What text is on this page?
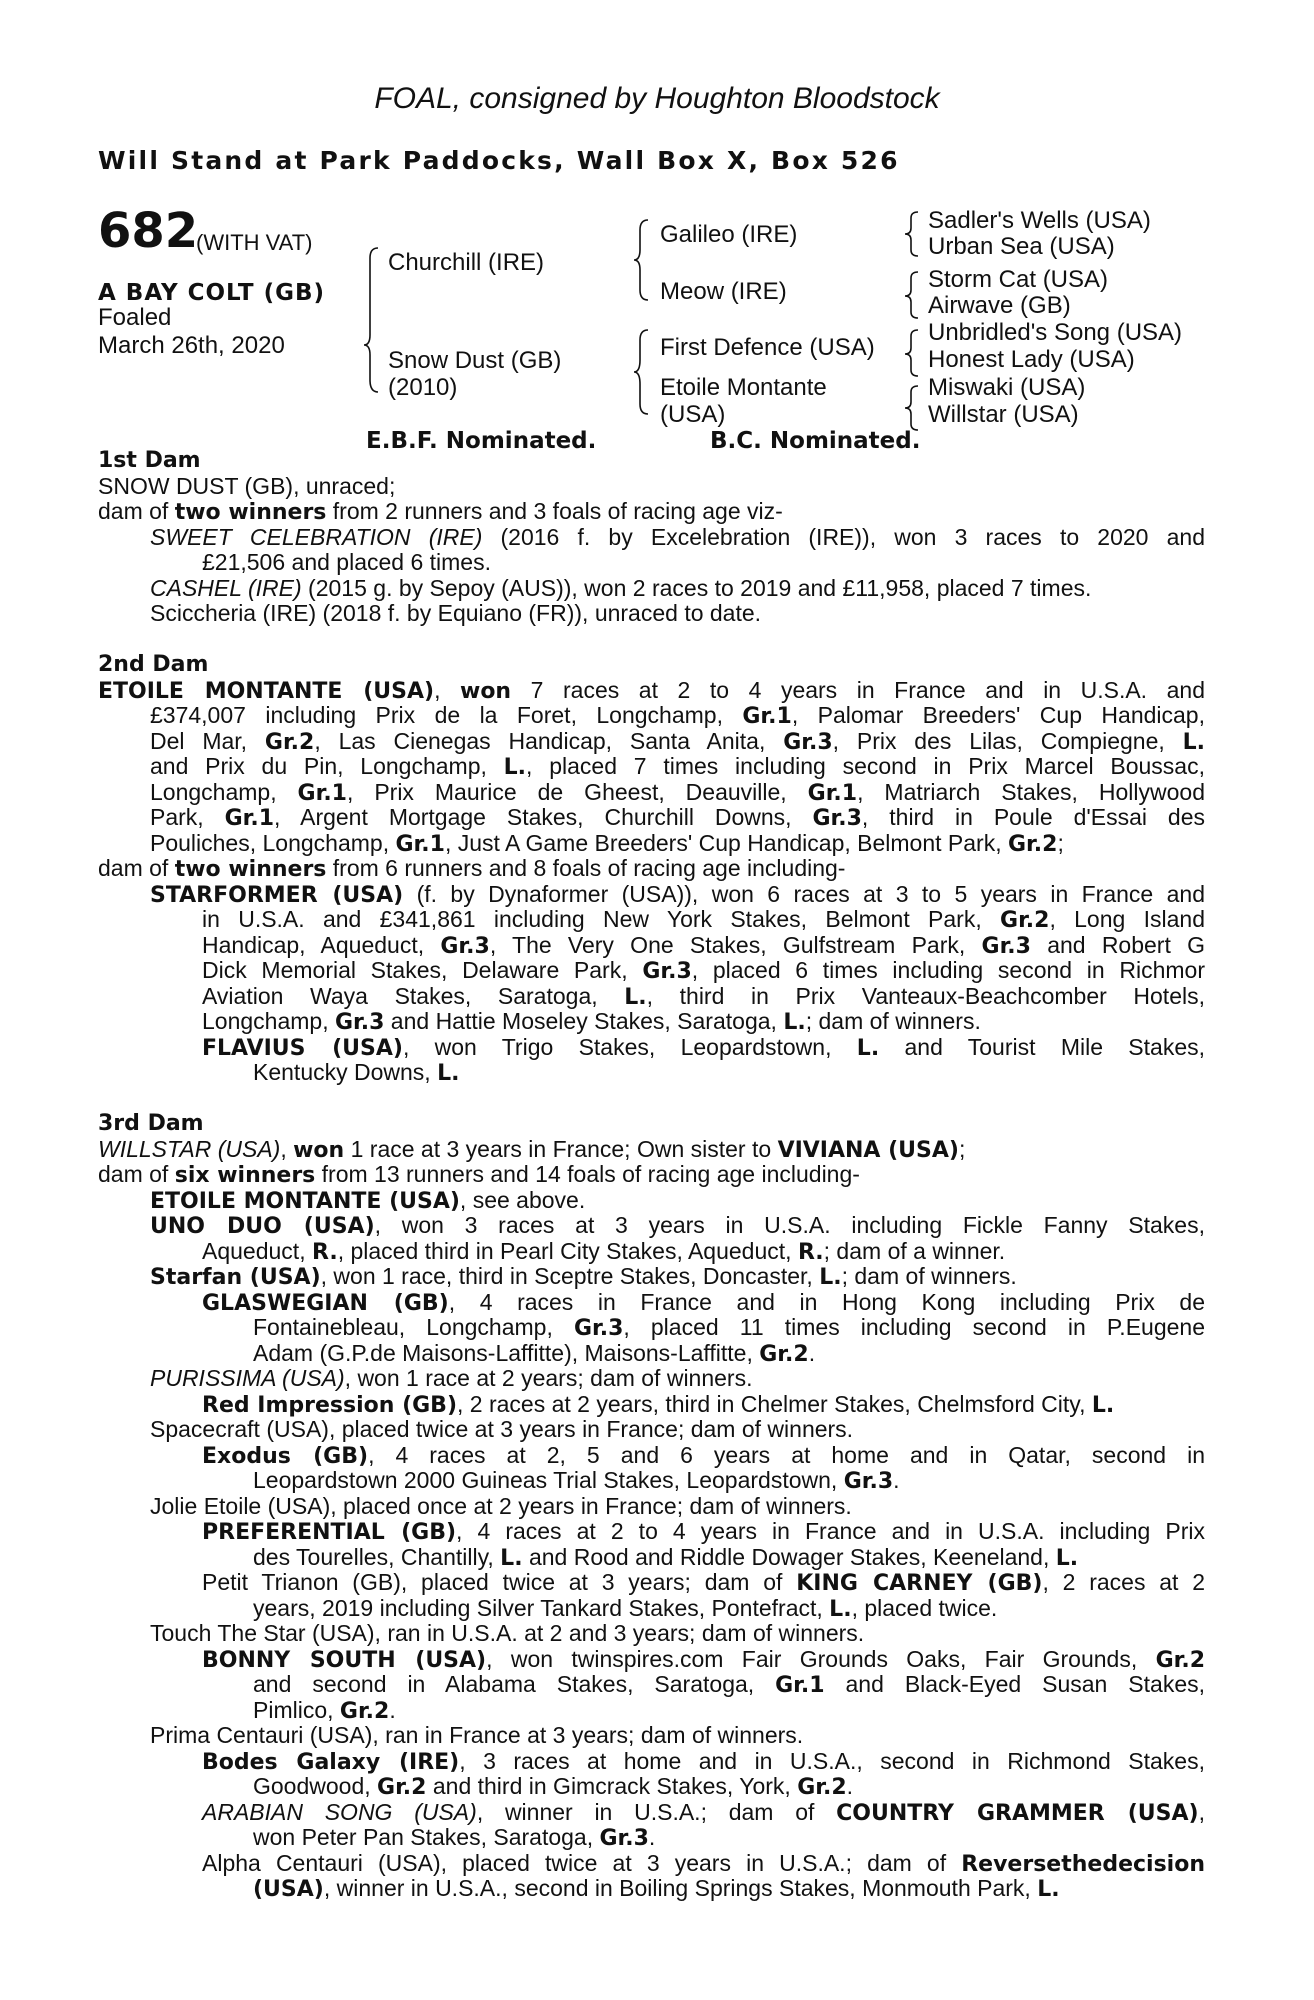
FOAL, consigned by Houghton Bloodstock
Will Stand at Park Paddocks, Wall Box X, Box 526
682
(WITH VAT)
A BAY COLT (GB)
Foaled
March 26th, 2020
Churchill (IRE)
Snow Dust (GB)
(2010)
Galileo (IRE)
Meow (IRE)
First Defence (USA)
Etoile Montante
(USA)
Sadler's Wells (USA)
Urban Sea (USA)
Storm Cat (USA)
Airwave (GB)
Unbridled's Song (USA)
Honest Lady (USA)
Miswaki (USA)
Willstar (USA)
E.B.F. Nominated.	B.C. Nominated.
1st Dam
SNOW DUST (GB), unraced;
dam of two winners from 2 runners and 3 foals of racing age viz-
SWEET CELEBRATION (IRE) (2016 f. by Excelebration (IRE)), won 3 races to 2020 and
£21,506 and placed 6 times.
CASHEL (IRE) (2015 g. by Sepoy (AUS)), won 2 races to 2019 and £11,958, placed 7 times.
Sciccheria (IRE) (2018 f. by Equiano (FR)), unraced to date.
2nd Dam
ETOILE MONTANTE (USA), won 7 races at 2 to 4 years in France and in U.S.A. and
£374,007 including Prix de la Foret, Longchamp, Gr.1, Palomar Breeders' Cup Handicap,
Del Mar, Gr.2, Las Cienegas Handicap, Santa Anita, Gr.3, Prix des Lilas, Compiegne, L.
and Prix du Pin, Longchamp, L., placed 7 times including second in Prix Marcel Boussac,
Longchamp, Gr.1, Prix Maurice de Gheest, Deauville, Gr.1, Matriarch Stakes, Hollywood
Park, Gr.1, Argent Mortgage Stakes, Churchill Downs, Gr.3, third in Poule d'Essai des
Pouliches, Longchamp, Gr.1, Just A Game Breeders' Cup Handicap, Belmont Park, Gr.2;
dam of two winners from 6 runners and 8 foals of racing age including-
STARFORMER (USA) (f. by Dynaformer (USA)), won 6 races at 3 to 5 years in France and
in U.S.A. and £341,861 including New York Stakes, Belmont Park, Gr.2, Long Island
Handicap, Aqueduct, Gr.3, The Very One Stakes, Gulfstream Park, Gr.3 and Robert G
Dick Memorial Stakes, Delaware Park, Gr.3, placed 6 times including second in Richmor
Aviation Waya Stakes, Saratoga, L., third in Prix Vanteaux-Beachcomber Hotels,
Longchamp, Gr.3 and Hattie Moseley Stakes, Saratoga, L.; dam of winners.
FLAVIUS (USA), won Trigo Stakes, Leopardstown, L. and Tourist Mile Stakes,
Kentucky Downs, L.
3rd Dam
WILLSTAR (USA), won 1 race at 3 years in France; Own sister to VIVIANA (USA);
dam of six winners from 13 runners and 14 foals of racing age including-
ETOILE MONTANTE (USA), see above.
UNO DUO (USA), won 3 races at 3 years in U.S.A. including Fickle Fanny Stakes,
Aqueduct, R., placed third in Pearl City Stakes, Aqueduct, R.; dam of a winner.
Starfan (USA), won 1 race, third in Sceptre Stakes, Doncaster, L.; dam of winners.
GLASWEGIAN (GB), 4 races in France and in Hong Kong including Prix de
Fontainebleau, Longchamp, Gr.3, placed 11 times including second in P.Eugene
Adam (G.P.de Maisons-Laffitte), Maisons-Laffitte, Gr.2.
PURISSIMA (USA), won 1 race at 2 years; dam of winners.
Red Impression (GB), 2 races at 2 years, third in Chelmer Stakes, Chelmsford City, L.
Spacecraft (USA), placed twice at 3 years in France; dam of winners.
Exodus (GB), 4 races at 2, 5 and 6 years at home and in Qatar, second in
Leopardstown 2000 Guineas Trial Stakes, Leopardstown, Gr.3.
Jolie Etoile (USA), placed once at 2 years in France; dam of winners.
PREFERENTIAL (GB), 4 races at 2 to 4 years in France and in U.S.A. including Prix
des Tourelles, Chantilly, L. and Rood and Riddle Dowager Stakes, Keeneland, L.
Petit Trianon (GB), placed twice at 3 years; dam of KING CARNEY (GB), 2 races at 2
years, 2019 including Silver Tankard Stakes, Pontefract, L., placed twice.
Touch The Star (USA), ran in U.S.A. at 2 and 3 years; dam of winners.
BONNY SOUTH (USA), won twinspires.com Fair Grounds Oaks, Fair Grounds, Gr.2
and second in Alabama Stakes, Saratoga, Gr.1 and Black-Eyed Susan Stakes,
Pimlico, Gr.2.
Prima Centauri (USA), ran in France at 3 years; dam of winners.
Bodes Galaxy (IRE), 3 races at home and in U.S.A., second in Richmond Stakes,
Goodwood, Gr.2 and third in Gimcrack Stakes, York, Gr.2.
ARABIAN SONG (USA), winner in U.S.A.; dam of COUNTRY GRAMMER (USA),
won Peter Pan Stakes, Saratoga, Gr.3.
Alpha Centauri (USA), placed twice at 3 years in U.S.A.; dam of Reversethedecision
(USA), winner in U.S.A., second in Boiling Springs Stakes, Monmouth Park, L.
